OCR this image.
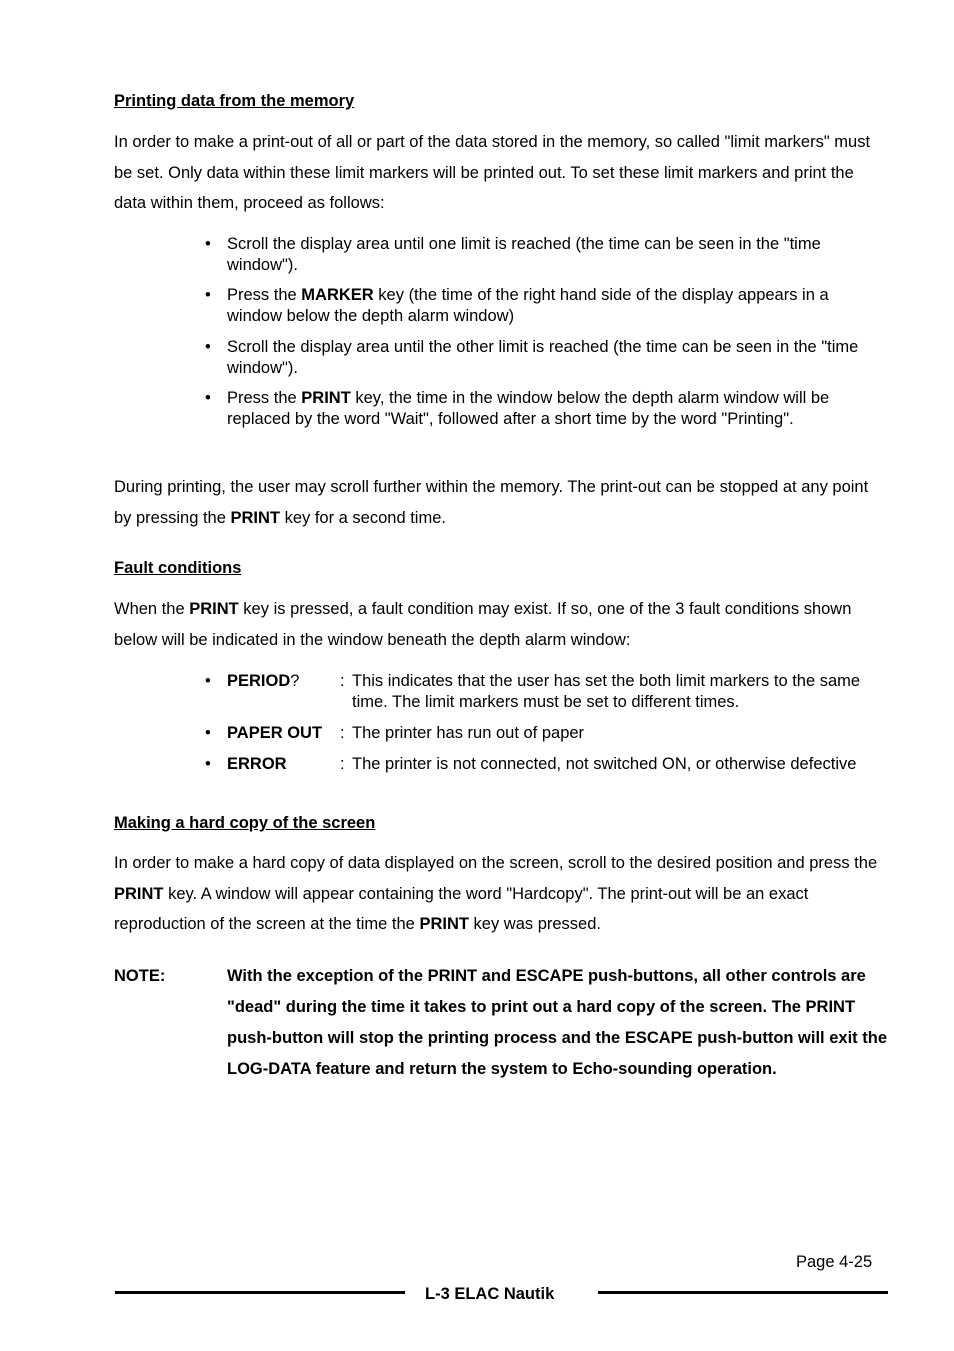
Printing data from the memory
In order to make a print-out of all or part of the data stored in the memory, so called "limit markers" must be set. Only data within these limit markers will be printed out. To set these limit markers and print the data within them, proceed as follows:
• Scroll the display area until one limit is reached (the time can be seen in the "time window").
• Press the MARKER key (the time of the right hand side of the display appears in a window below the depth alarm window)
• Scroll the display area until the other limit is reached (the time can be seen in the "time window").
• Press the PRINT key, the time in the window below the depth alarm window will be replaced by the word "Wait", followed after a short time by the word "Printing".
During printing, the user may scroll further within the memory. The print-out can be stopped at any point by pressing the PRINT key for a second time.
Fault conditions
When the PRINT key is pressed, a fault condition may exist. If so, one of the 3 fault conditions shown below will be indicated in the window beneath the depth alarm window:
• PERIOD?	: This indicates that the user has set the both limit markers to the same time. The limit markers must be set to different times.
• PAPER OUT	: The printer has run out of paper
• ERROR	: The printer is not connected, not switched ON, or otherwise defective
Making a hard copy of the screen
In order to make a hard copy of data displayed on the screen, scroll to the desired position and press the PRINT key. A window will appear containing the word "Hardcopy". The print-out will be an exact reproduction of the screen at the time the PRINT key was pressed.
NOTE:	With the exception of the PRINT and ESCAPE push-buttons, all other controls are "dead" during the time it takes to print out a hard copy of the screen. The PRINT push-button will stop the printing process and the ESCAPE push-button will exit the LOG-DATA feature and return the system to Echo-sounding operation.
Page 4-25
L-3 ELAC Nautik
